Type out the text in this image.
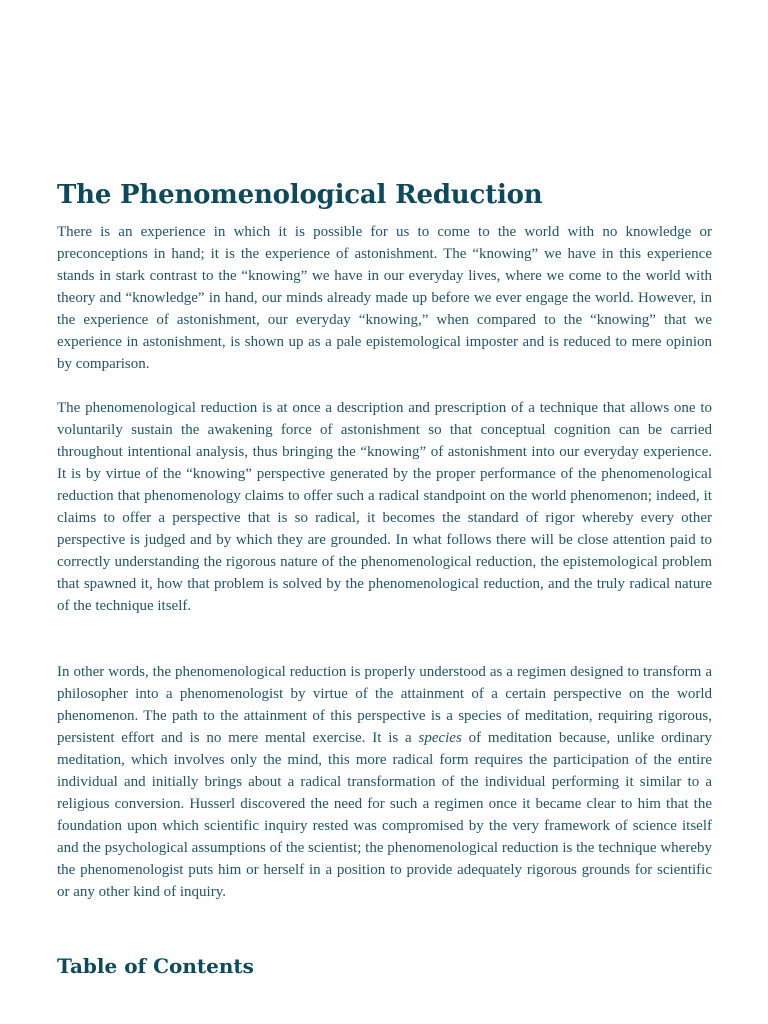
The Phenomenological Reduction

There is an experience in which it is possible for us to come to the world with no knowledge or preconceptions in hand; it is the experience of astonishment. The “knowing” we have in this experience stands in stark contrast to the “knowing” we have in our everyday lives, where we come to the world with theory and “knowledge” in hand, our minds already made up before we ever engage the world. However, in the experience of astonishment, our everyday “knowing,” when compared to the “knowing” that we experience in astonishment, is shown up as a pale epistemological imposter and is reduced to mere opinion by comparison.

The phenomenological reduction is at once a description and prescription of a technique that allows one to voluntarily sustain the awakening force of astonishment so that conceptual cognition can be carried throughout intentional analysis, thus bringing the “knowing” of astonishment into our everyday experience. It is by virtue of the “knowing” perspective generated by the proper performance of the phenomenological reduction that phenomenology claims to offer such a radical standpoint on the world phenomenon; indeed, it claims to offer a perspective that is so radical, it becomes the standard of rigor whereby every other perspective is judged and by which they are grounded. In what follows there will be close attention paid to correctly understanding the rigorous nature of the phenomenological reduction, the epistemological problem that spawned it, how that problem is solved by the phenomenological reduction, and the truly radical nature of the technique itself.

In other words, the phenomenological reduction is properly understood as a regimen designed to transform a philosopher into a phenomenologist by virtue of the attainment of a certain perspective on the world phenomenon. The path to the attainment of this perspective is a species of meditation, requiring rigorous, persistent effort and is no mere mental exercise. It is a species of meditation because, unlike ordinary meditation, which involves only the mind, this more radical form requires the participation of the entire individual and initially brings about a radical transformation of the individual performing it similar to a religious conversion. Husserl discovered the need for such a regimen once it became clear to him that the foundation upon which scientific inquiry rested was compromised by the very framework of science itself and the psychological assumptions of the scientist; the phenomenological reduction is the technique whereby the phenomenologist puts him or herself in a position to provide adequately rigorous grounds for scientific or any other kind of inquiry.

Table of Contents
